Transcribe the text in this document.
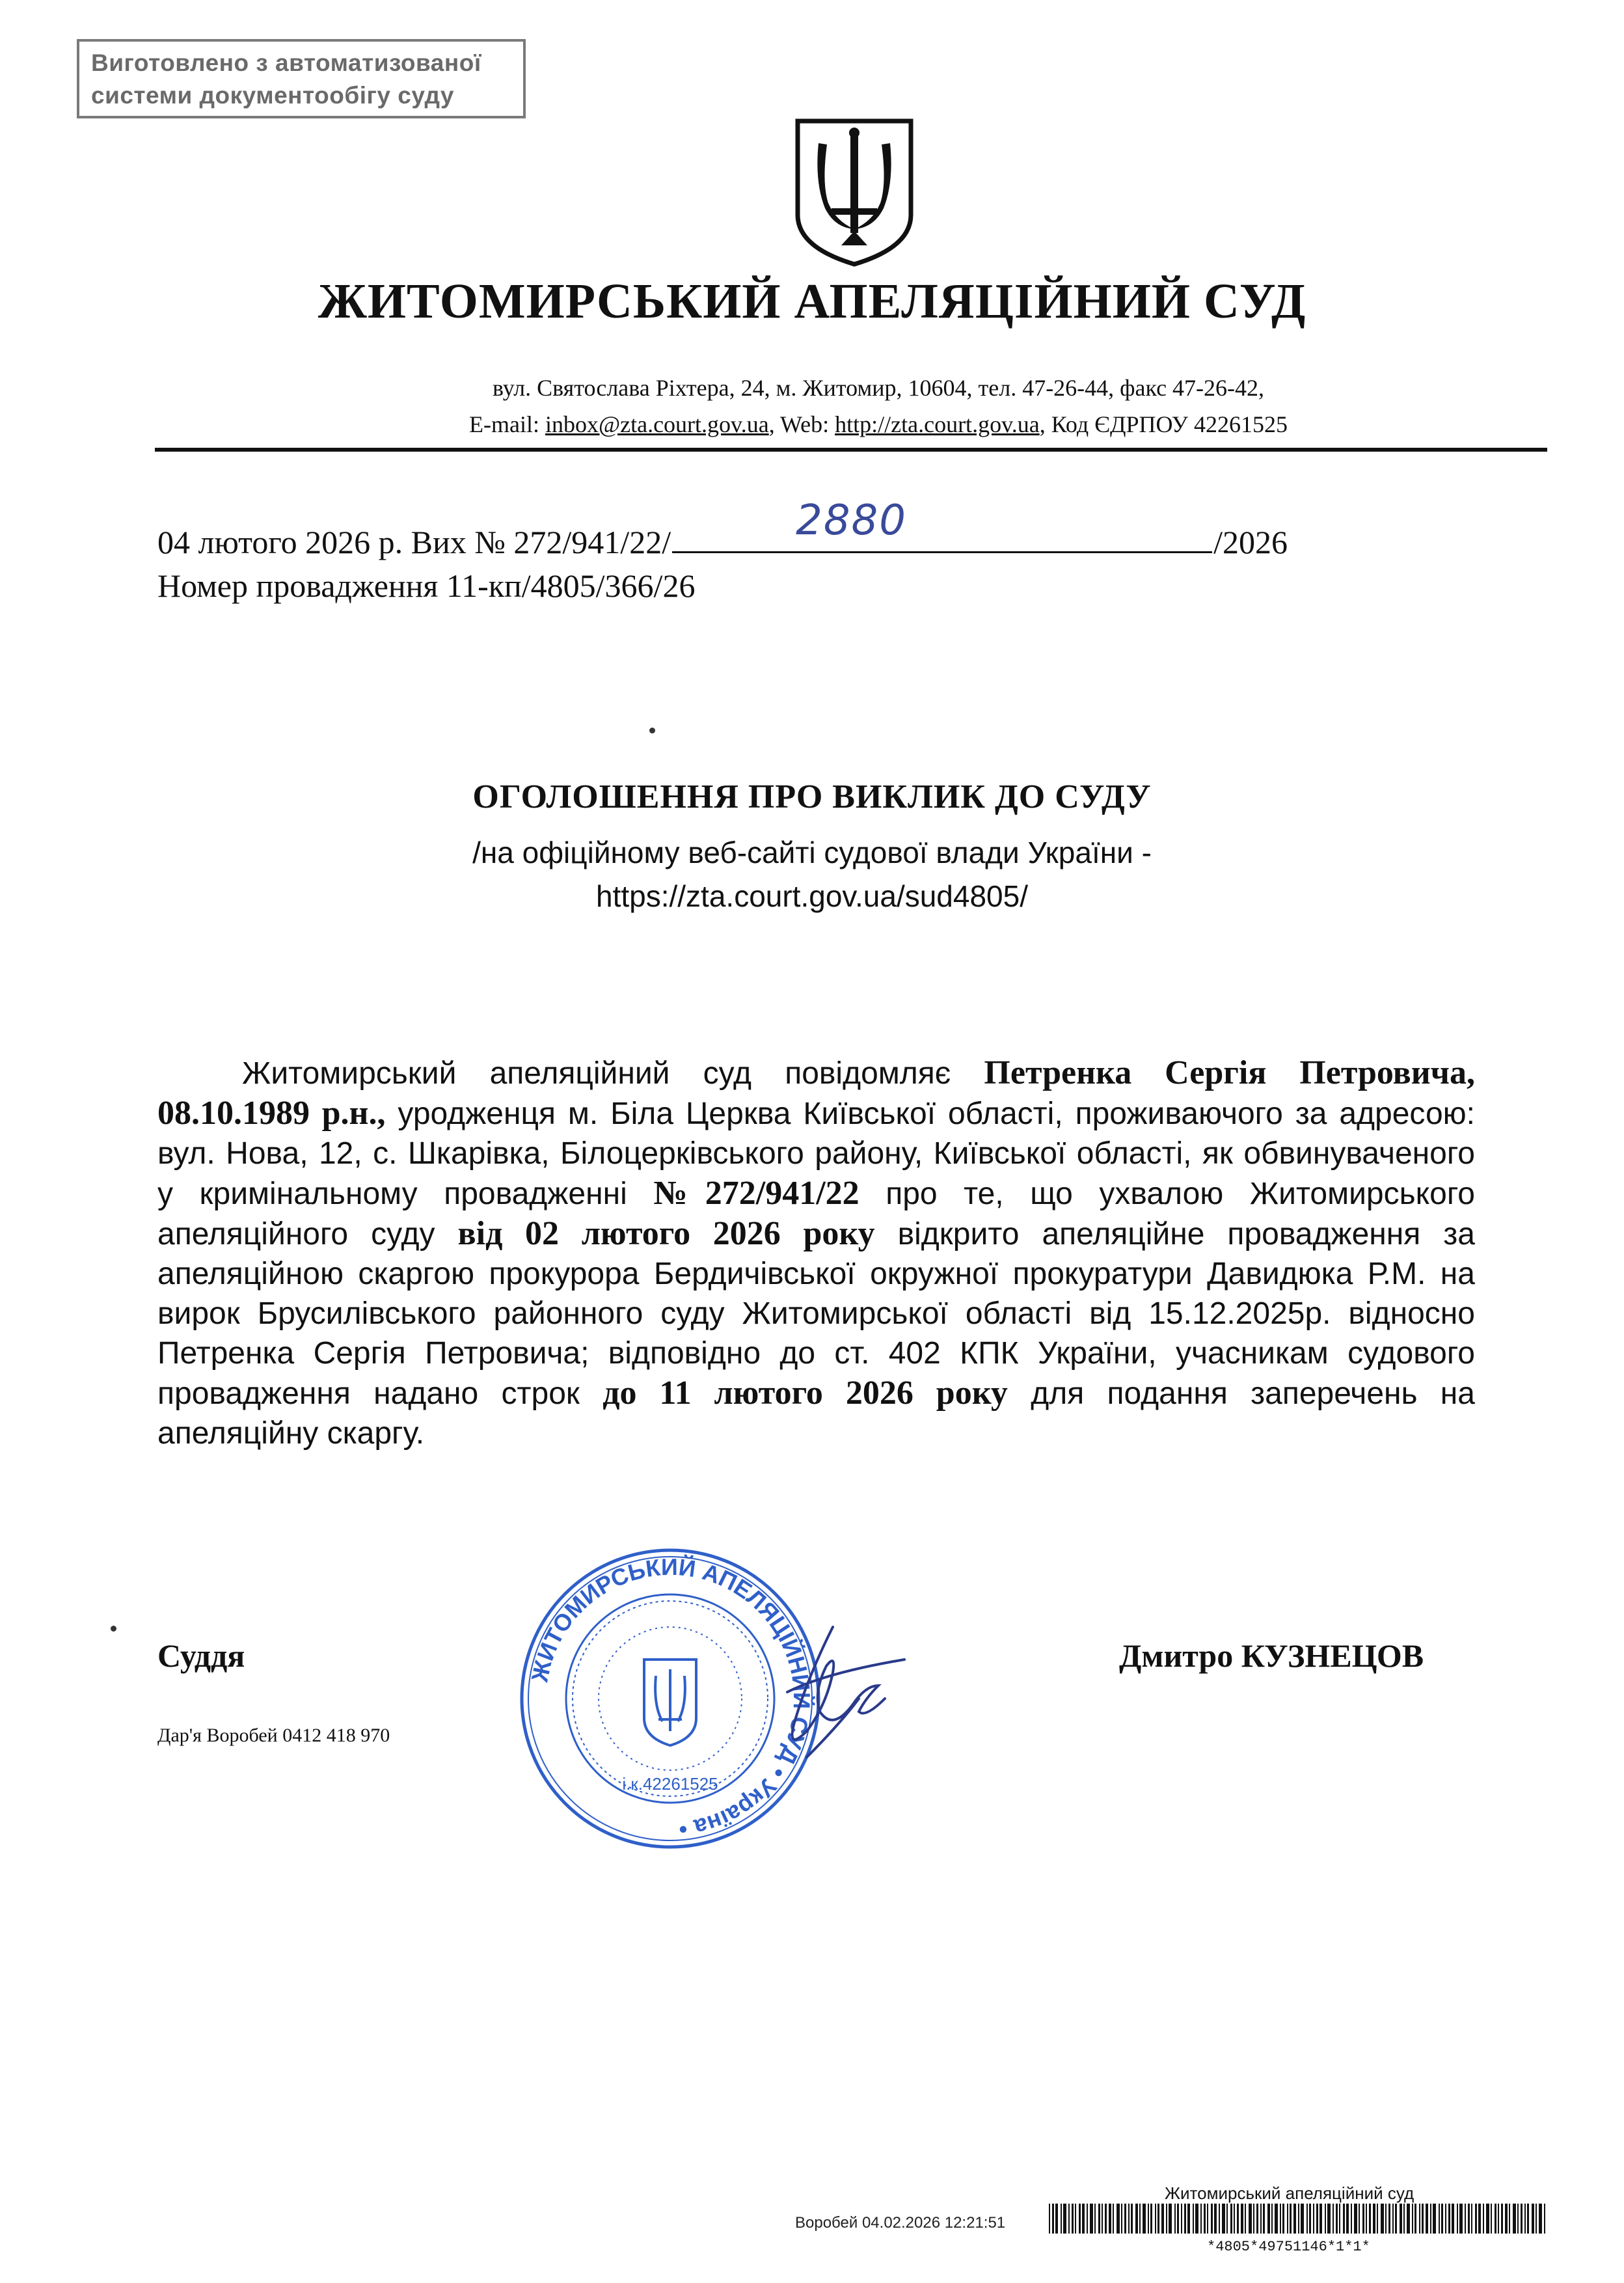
Виготовлено з автоматизованої
системи документообігу суду
ЖИТОМИРСЬКИЙ АПЕЛЯЦІЙНИЙ СУД
вул. Святослава Ріхтера, 24, м. Житомир, 10604, тел. 47-26-44, факс 47-26-42,
E-mail: inbox@zta.court.gov.ua, Web: http://zta.court.gov.ua, Код ЄДРПОУ 42261525
04 лютого 2026 р. Вих № 272/941/22/	2880	/2026
Номер провадження 11-кп/4805/366/26
ОГОЛОШЕННЯ ПРО ВИКЛИК ДО СУДУ
/на офіційному веб-сайті судової влади України -
https://zta.court.gov.ua/sud4805/
Житомирський апеляційний суд повідомляє Петренка Сергія Петровича, 08.10.1989 р.н., уродженця м. Біла Церква Київської області, проживаючого за адресою: вул. Нова, 12, с. Шкарівка, Білоцерківського району, Київської області, як обвинуваченого у кримінальному провадженні №272/941/22 про те, що ухвалою Житомирського апеляційного суду від 02 лютого 2026 року відкрито апеляційне провадження за апеляційною скаргою прокурора Бердичівської окружної прокуратури Давидюка Р.М. на вирок Брусилівського районного суду Житомирської області від 15.12.2025р. відносно Петренка Сергія Петровича; відповідно до ст. 402 КПК України, учасникам судового провадження надано строк до 11 лютого 2026 року для подання заперечень на апеляційну скаргу.
ЖИТОМИРСЬКИЙ АПЕЛЯЦІЙНИЙ СУД • Україна •
і.к.42261525
Суддя	Дмитро КУЗНЕЦОВ
Дар'я Воробей 0412 418 970
Житомирський апеляційний суд
Воробей 04.02.2026 12:21:51
*4805*49751146*1*1*
